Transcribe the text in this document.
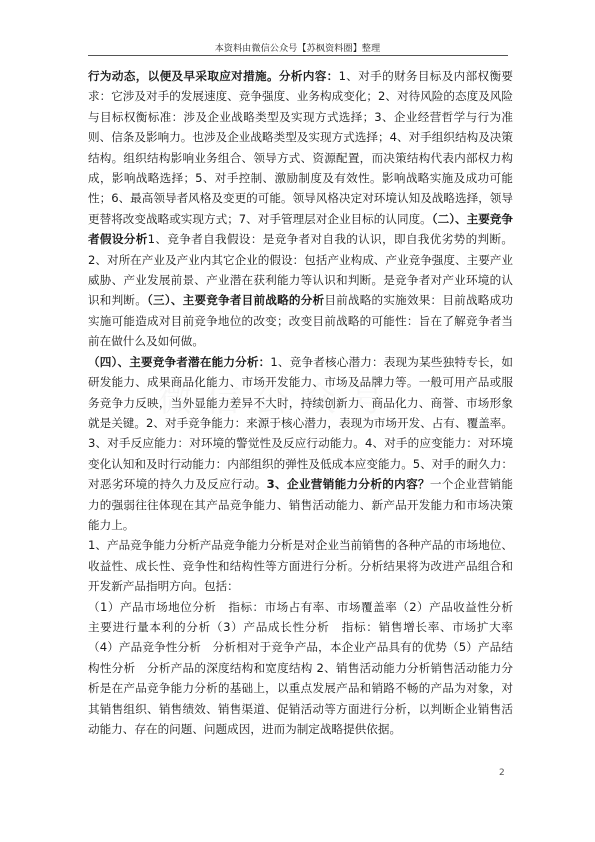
本资料由微信公众号【苏枫资料圈】整理

行为动态，以便及早采取应对措施。分析内容：1、对手的财务目标及内部权衡要求：它涉及对手的发展速度、竞争强度、业务构成变化；2、对待风险的态度及风险与目标权衡标准：涉及企业战略类型及实现方式选择；3、企业经营哲学与行为准则、信条及影响力。也涉及企业战略类型及实现方式选择；4、对手组织结构及决策结构。组织结构影响业务组合、领导方式、资源配置，而决策结构代表内部权力构成，影响战略选择；5、对手控制、激励制度及有效性。影响战略实施及成功可能性；6、最高领导者风格及变更的可能。领导风格决定对环境认知及战略选择，领导更替将改变战略或实现方式；7、对手管理层对企业目标的认同度。（二）、主要竞争者假设分析1、竞争者自我假设：是竞争者对自我的认识，即自我优劣势的判断。2、对所在产业及产业内其它企业的假设：包括产业构成、产业竞争强度、主要产业威胁、产业发展前景、产业潜在获利能力等认识和判断。是竞争者对产业环境的认识和判断。（三）、主要竞争者目前战略的分析目前战略的实施效果：目前战略成功实施可能造成对目前竞争地位的改变；改变目前战略的可能性：旨在了解竞争者当前在做什么及如何做。

（四）、主要竞争者潜在能力分析：1、竞争者核心潜力：表现为某些独特专长，如研发能力、成果商品化能力、市场开发能力、市场及品牌力等。一般可用产品或服务竞争力反映，当外显能力差异不大时，持续创新力、商品化力、商誉、市场形象就是关键。2、对手竞争能力：来源于核心潜力，表现为市场开发、占有、覆盖率。3、对手反应能力：对环境的警觉性及反应行动能力。4、对手的应变能力：对环境变化认知和及时行动能力：内部组织的弹性及低成本应变能力。5、对手的耐久力：对恶劣环境的持久力及反应行动。3、企业营销能力分析的内容？一个企业营销能力的强弱往往体现在其产品竞争能力、销售活动能力、新产品开发能力和市场决策能力上。

1、产品竞争能力分析产品竞争能力分析是对企业当前销售的各种产品的市场地位、收益性、成长性、竞争性和结构性等方面进行分析。分析结果将为改进产品组合和开发新产品指明方向。包括：

（1）产品市场地位分析　指标：市场占有率、市场覆盖率（2）产品收益性分析　主要进行量本利的分析（3）产品成长性分析　指标：销售增长率、市场扩大率（4）产品竞争性分析　分析相对于竞争产品，本企业产品具有的优势（5）产品结构性分析　分析产品的深度结构和宽度结构 2、销售活动能力分析销售活动能力分析是在产品竞争能力分析的基础上，以重点发展产品和销路不畅的产品为对象，对其销售组织、销售绩效、销售渠道、促销活动等方面进行分析，以判断企业销售活动能力、存在的问题、问题成因，进而为制定战略提供依据。

2
